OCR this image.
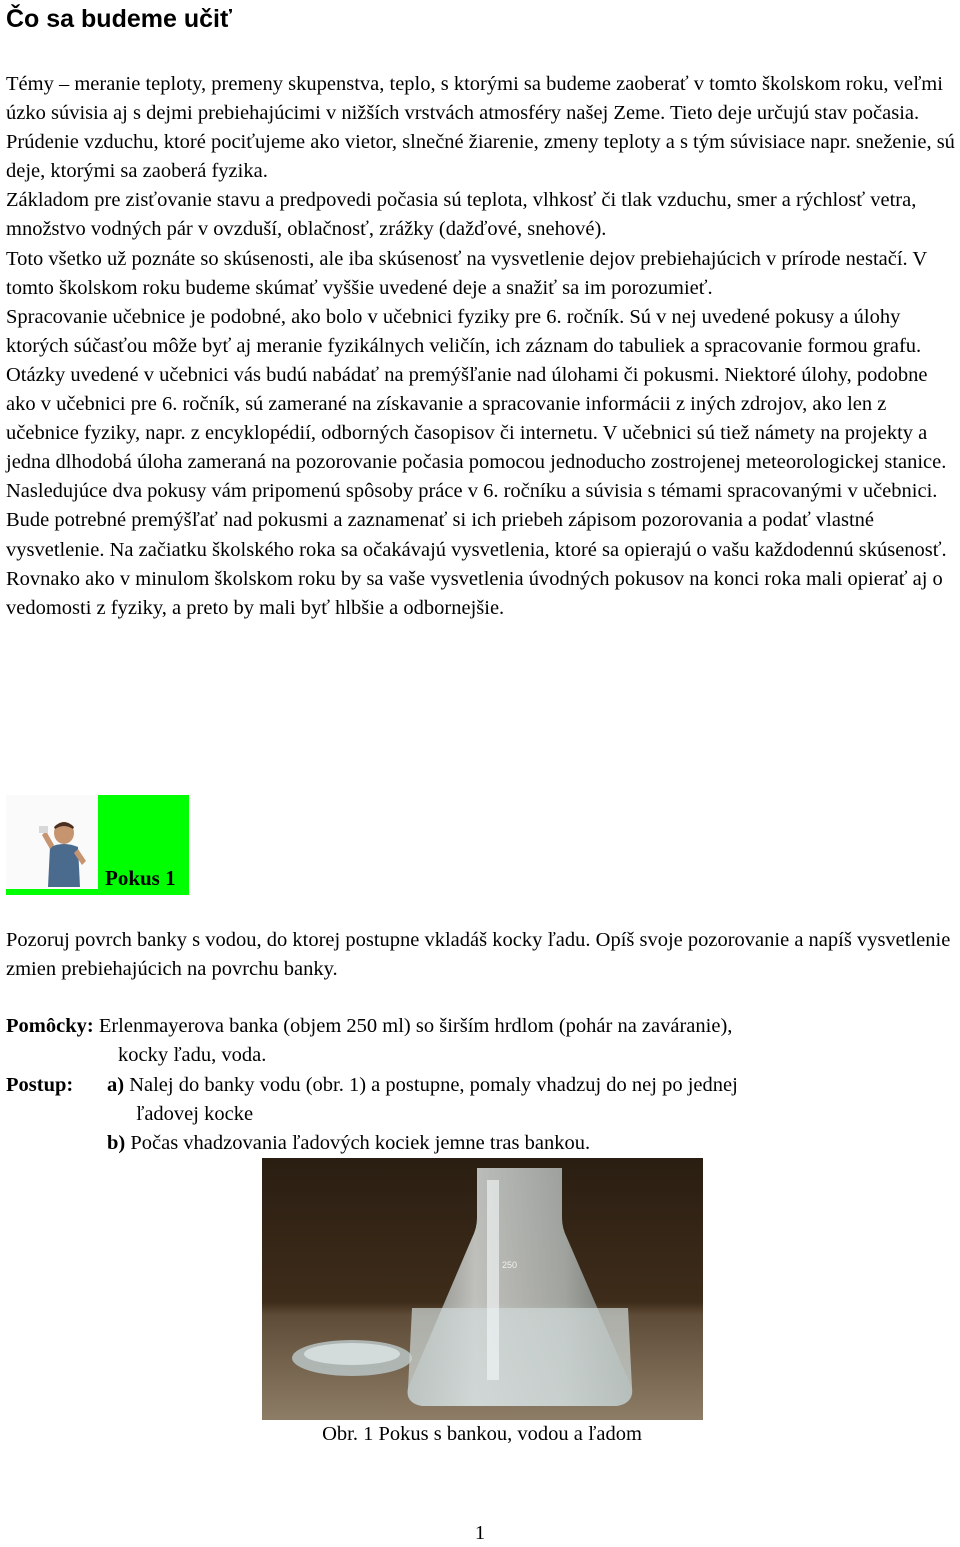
Čo sa budeme učiť

Témy – meranie teploty, premeny skupenstva, teplo, s ktorými sa budeme zaoberať v tomto školskom roku, veľmi úzko súvisia aj s dejmi prebiehajúcimi v nižších vrstvách atmosféry našej Zeme. Tieto deje určujú stav počasia.

Prúdenie vzduchu, ktoré pociťujeme ako vietor, slnečné žiarenie, zmeny teploty a s tým súvisiace napr. sneženie, sú deje, ktorými sa zaoberá fyzika.

Základom pre zisťovanie stavu a predpovedi počasia sú teplota, vlhkosť či tlak vzduchu, smer a rýchlosť vetra, množstvo vodných pár v ovzduší, oblačnosť, zrážky (dažďové, snehové).

Toto všetko už poznáte so skúsenosti, ale iba skúsenosť na vysvetlenie dejov prebiehajúcich v prírode nestačí. V tomto školskom roku budeme skúmať vyššie uvedené deje a snažiť sa im porozumieť.

Spracovanie učebnice je podobné, ako bolo v učebnici fyziky pre 6. ročník. Sú v nej uvedené pokusy a úlohy ktorých súčasťou môže byť aj meranie fyzikálnych veličín, ich záznam do tabuliek a spracovanie formou grafu. Otázky uvedené v učebnici vás budú nabádať na premýšľanie nad úlohami či pokusmi. Niektoré úlohy, podobne ako v učebnici pre 6. ročník, sú zamerané na získavanie a spracovanie informácii z iných zdrojov, ako len z učebnice fyziky, napr. z encyklopédií, odborných časopisov či internetu. V učebnici sú tiež námety na projekty a jedna dlhodobá úloha zameraná na pozorovanie počasia pomocou jednoducho zostrojenej meteorologickej stanice.

Nasledujúce dva pokusy vám pripomenú spôsoby práce v 6. ročníku a súvisia s témami spracovanými v učebnici. Bude potrebné premýšľať nad pokusmi a zaznamenať si ich priebeh zápisom pozorovania a podať vlastné vysvetlenie. Na začiatku školského roka sa očakávajú vysvetlenia, ktoré sa opierajú o vašu každodennú skúsenosť.

Rovnako ako v minulom školskom roku by sa vaše vysvetlenia úvodných pokusov na konci roka mali opierať aj o vedomosti z fyziky, a preto by mali byť hlbšie a odbornejšie.

Pokus 1

Pozoruj povrch banky s vodou, do ktorej postupne vkladáš kocky ľadu. Opíš svoje pozorovanie a napíš vysvetlenie zmien prebiehajúcich na povrchu banky.

Pomôcky: Erlenmayerova banka (objem 250 ml) so širším hrdlom (pohár na zaváranie),
kocky ľadu, voda.
Postup: a) Nalej do banky vodu (obr. 1) a postupne, pomaly vhadzuj do nej po jednej
ľadovej kocke
b) Počas vhadzovania ľadových kociek jemne tras bankou.
250
Obr. 1 Pokus s bankou, vodou a ľadom
1
